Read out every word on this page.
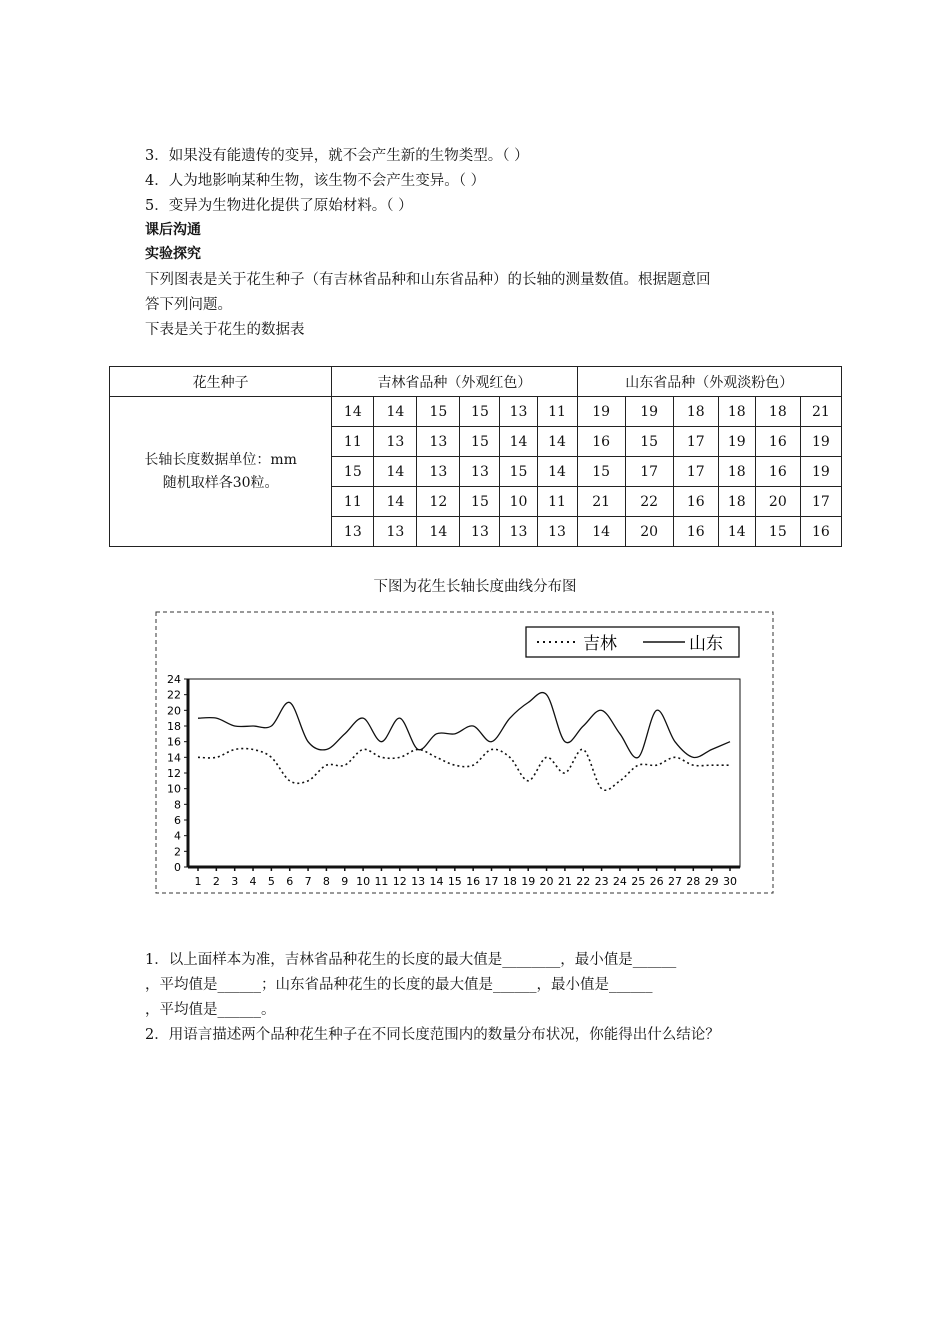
3．如果没有能遗传的变异，就不会产生新的生物类型。（ ）
4．人为地影响某种生物，该生物不会产生变异。（ ）
5．变异为生物进化提供了原始材料。（ ）
课后沟通
实验探究
下列图表是关于花生种子（有吉林省品种和山东省品种）的长轴的测量数值。根据题意回
答下列问题。
下表是关于花生的数据表
花生种子	吉林省品种（外观红色）						山东省品种（外观淡粉色）					

长轴长度数据单位：mm
随机取样各30粒。	14	14	15	15	13	11	19	19	18	18	18	21
	11	13	13	15	14	14	16	15	17	19	16	19
	15	14	13	13	15	14	15	17	17	18	16	19
	11	14	12	15	10	11	21	22	16	18	20	17
	13	13	14	13	13	13	14	20	16	14	15	16
下图为花生长轴长度曲线分布图
吉林	山东
0
2
4
6
8
10
12
14
16
18
20
22
24
1 2 3 4 5 6 7 8 9 10 11 12 13 14 15 16 17 18 19 20 21 22 23 24 25 26 27 28 29 30
1．以上面样本为准，吉林省品种花生的长度的最大值是________，最小值是______
，平均值是______；山东省品种花生的长度的最大值是______，最小值是______
，平均值是______。
2．用语言描述两个品种花生种子在不同长度范围内的数量分布状况，你能得出什么结论？
